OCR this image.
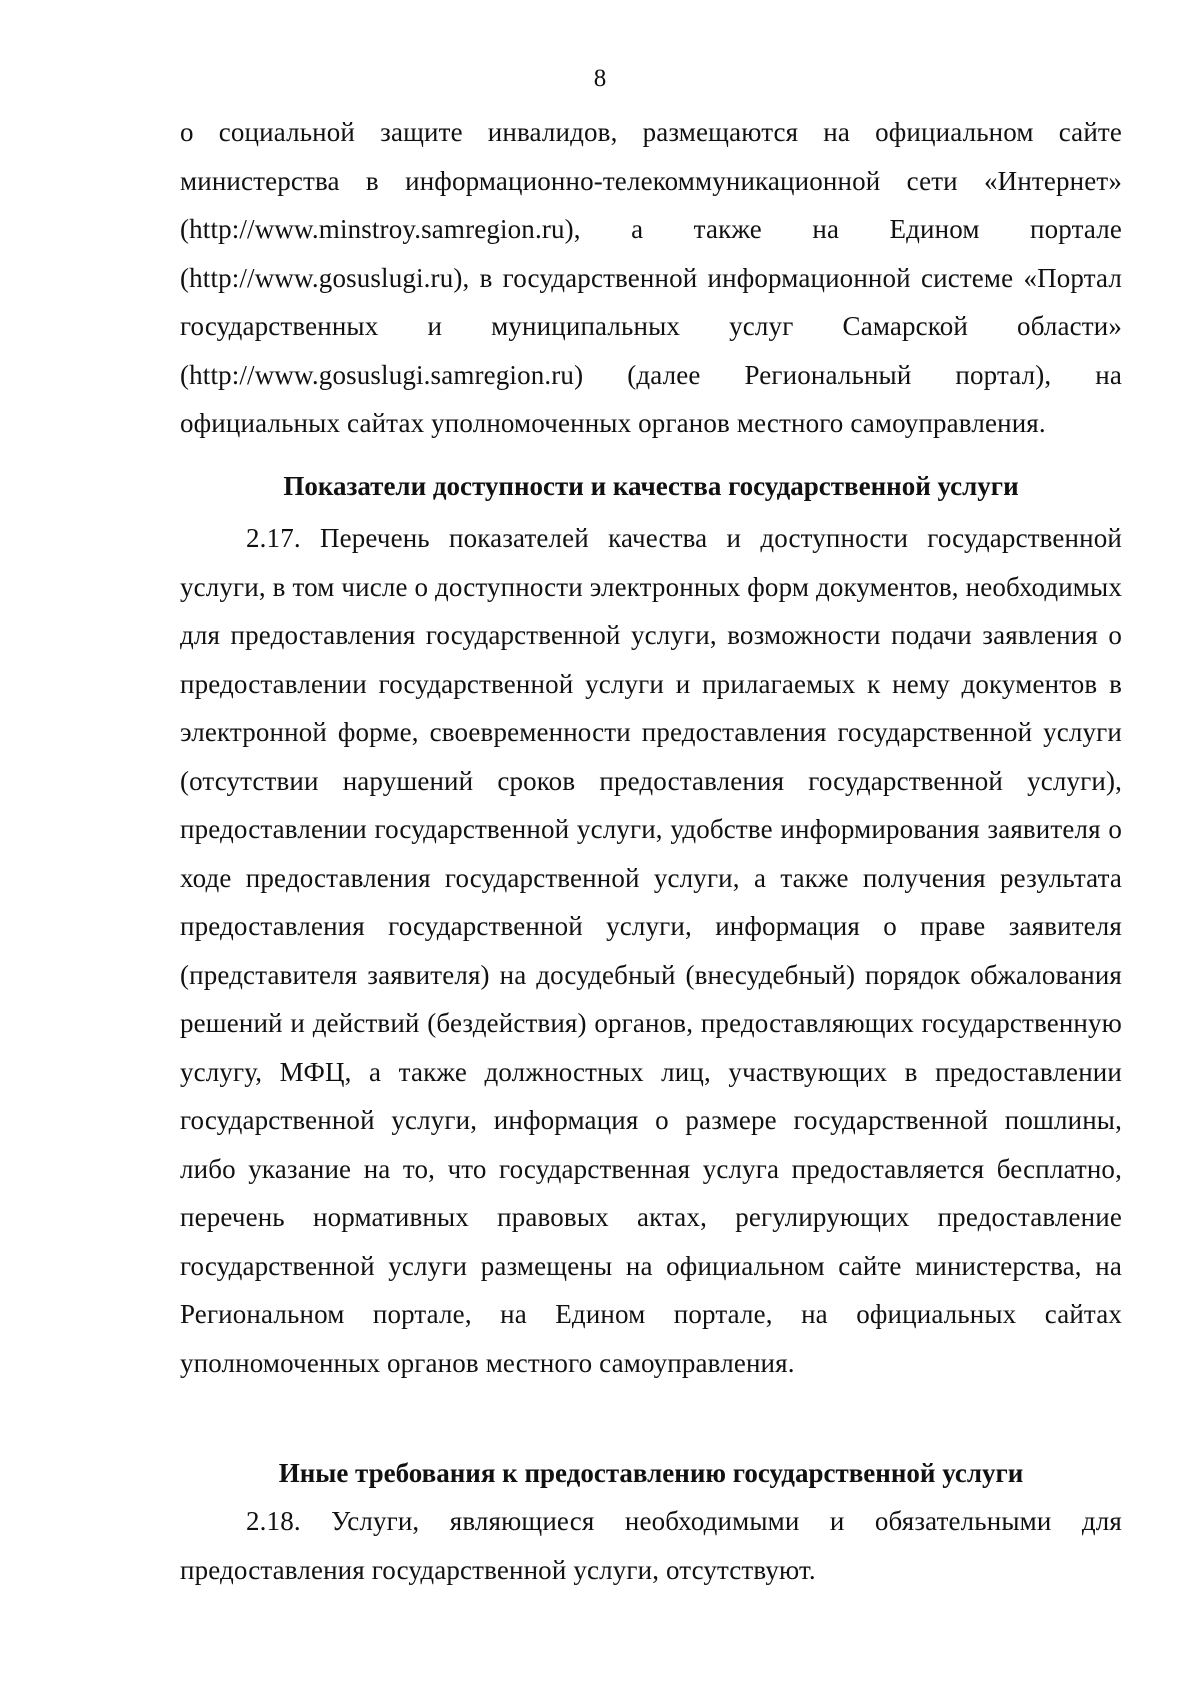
8

о социальной защите инвалидов, размещаются на официальном сайте министерства в информационно-телекоммуникационной сети «Интернет» (http://www.minstroy.samregion.ru), а также на Едином портале (http://www.gosuslugi.ru), в государственной информационной системе «Портал государственных и муниципальных услуг Самарской области» (http://www.gosuslugi.samregion.ru) (далее Региональный портал), на официальных сайтах уполномоченных органов местного самоуправления.

Показатели доступности и качества государственной услуги

2.17. Перечень показателей качества и доступности государственной услуги, в том числе о доступности электронных форм документов, необходимых для предоставления государственной услуги, возможности подачи заявления о предоставлении государственной услуги и прилагаемых к нему документов в электронной форме, своевременности предоставления государственной услуги (отсутствии нарушений сроков предоставления государственной услуги), предоставлении государственной услуги, удобстве информирования заявителя о ходе предоставления государственной услуги, а также получения результата предоставления государственной услуги, информация о праве заявителя (представителя заявителя) на досудебный (внесудебный) порядок обжалования решений и действий (бездействия) органов, предоставляющих государственную услугу, МФЦ, а также должностных лиц, участвующих в предоставлении государственной услуги, информация о размере государственной пошлины, либо указание на то, что государственная услуга предоставляется бесплатно, перечень нормативных правовых актах, регулирующих предоставление государственной услуги размещены на официальном сайте министерства, на Региональном портале, на Едином портале, на официальных сайтах уполномоченных органов местного самоуправления.

Иные требования к предоставлению государственной услуги

2.18. Услуги, являющиеся необходимыми и обязательными для предоставления государственной услуги, отсутствуют.
